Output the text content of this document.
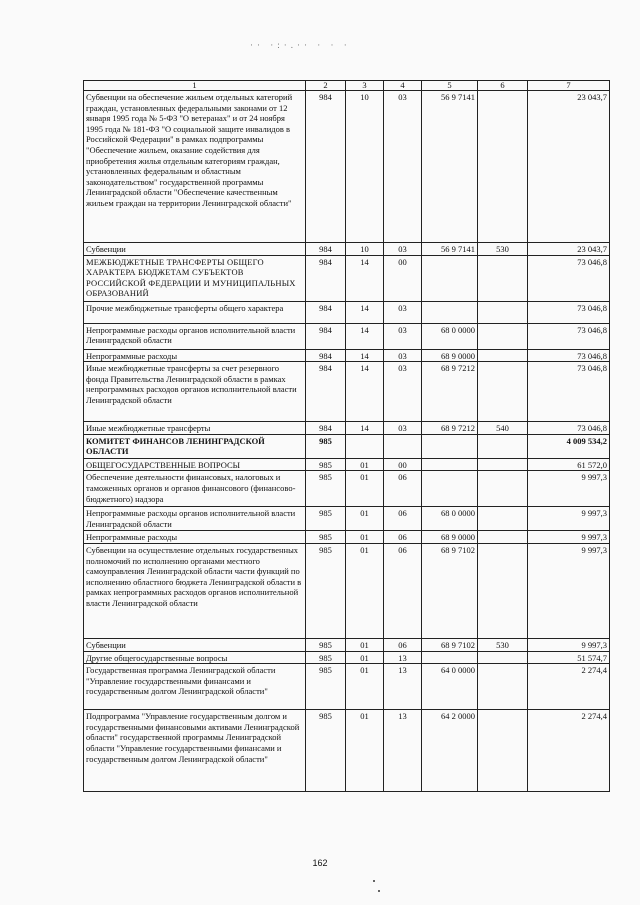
·· ·:·.·· · · ·
1	2	3	4	5	6	7
Субвенции на обеспечение жильем отдельных категорий граждан, установленных федеральными законами от 12 января 1995 года № 5-ФЗ "О ветеранах" и от 24 ноября 1995 года № 181-ФЗ "О социальной защите инвалидов в Российской Федерации" в рамках подпрограммы "Обеспечение жильем, оказание содействия для приобретения жилья отдельным категориям граждан, установленных федеральным и областным законодательством" государственной программы Ленинградской области "Обеспечение качественным жильем граждан на территории Ленинградской области"	984	10	03	56 9 7141		23 043,7
Субвенции	984	10	03	56 9 7141	530	23 043,7
МЕЖБЮДЖЕТНЫЕ ТРАНСФЕРТЫ ОБЩЕГО ХАРАКТЕРА БЮДЖЕТАМ СУБЪЕКТОВ РОССИЙСКОЙ ФЕДЕРАЦИИ И МУНИЦИПАЛЬНЫХ ОБРАЗОВАНИЙ	984	14	00			73 046,8
Прочие межбюджетные трансферты общего характера	984	14	03			73 046,8
Непрограммные расходы органов исполнительной власти Ленинградской области	984	14	03	68 0 0000		73 046,8
Непрограммные расходы	984	14	03	68 9 0000		73 046,8
Иные межбюджетные трансферты за счет резервного фонда Правительства Ленинградской области в рамках непрограммных расходов органов исполнительной власти Ленинградской области	984	14	03	68 9 7212		73 046,8
Иные межбюджетные трансферты	984	14	03	68 9 7212	540	73 046,8
КОМИТЕТ ФИНАНСОВ ЛЕНИНГРАДСКОЙ ОБЛАСТИ	985					4 009 534,2
ОБЩЕГОСУДАРСТВЕННЫЕ ВОПРОСЫ	985	01	00			61 572,0
Обеспечение деятельности финансовых, налоговых и таможенных органов и органов финансового (финансово-бюджетного) надзора	985	01	06			9 997,3
Непрограммные расходы органов исполнительной власти Ленинградской области	985	01	06	68 0 0000		9 997,3
Непрограммные расходы	985	01	06	68 9 0000		9 997,3
Субвенции на осуществление отдельных государственных полномочий по исполнению органами местного самоуправления Ленинградской области части функций по исполнению областного бюджета Ленинградской области в рамках непрограммных расходов органов исполнительной власти Ленинградской области	985	01	06	68 9 7102		9 997,3
Субвенции	985	01	06	68 9 7102	530	9 997,3
Другие общегосударственные вопросы	985	01	13			51 574,7
Государственная программа Ленинградской области "Управление государственными финансами и государственным долгом Ленинградской области"	985	01	13	64 0 0000		2 274,4
Подпрограмма "Управление государственным долгом и государственными финансовыми активами Ленинградской области" государственной программы Ленинградской области "Управление государственными финансами и государственным долгом Ленинградской области"	985	01	13	64 2 0000		2 274,4
162
